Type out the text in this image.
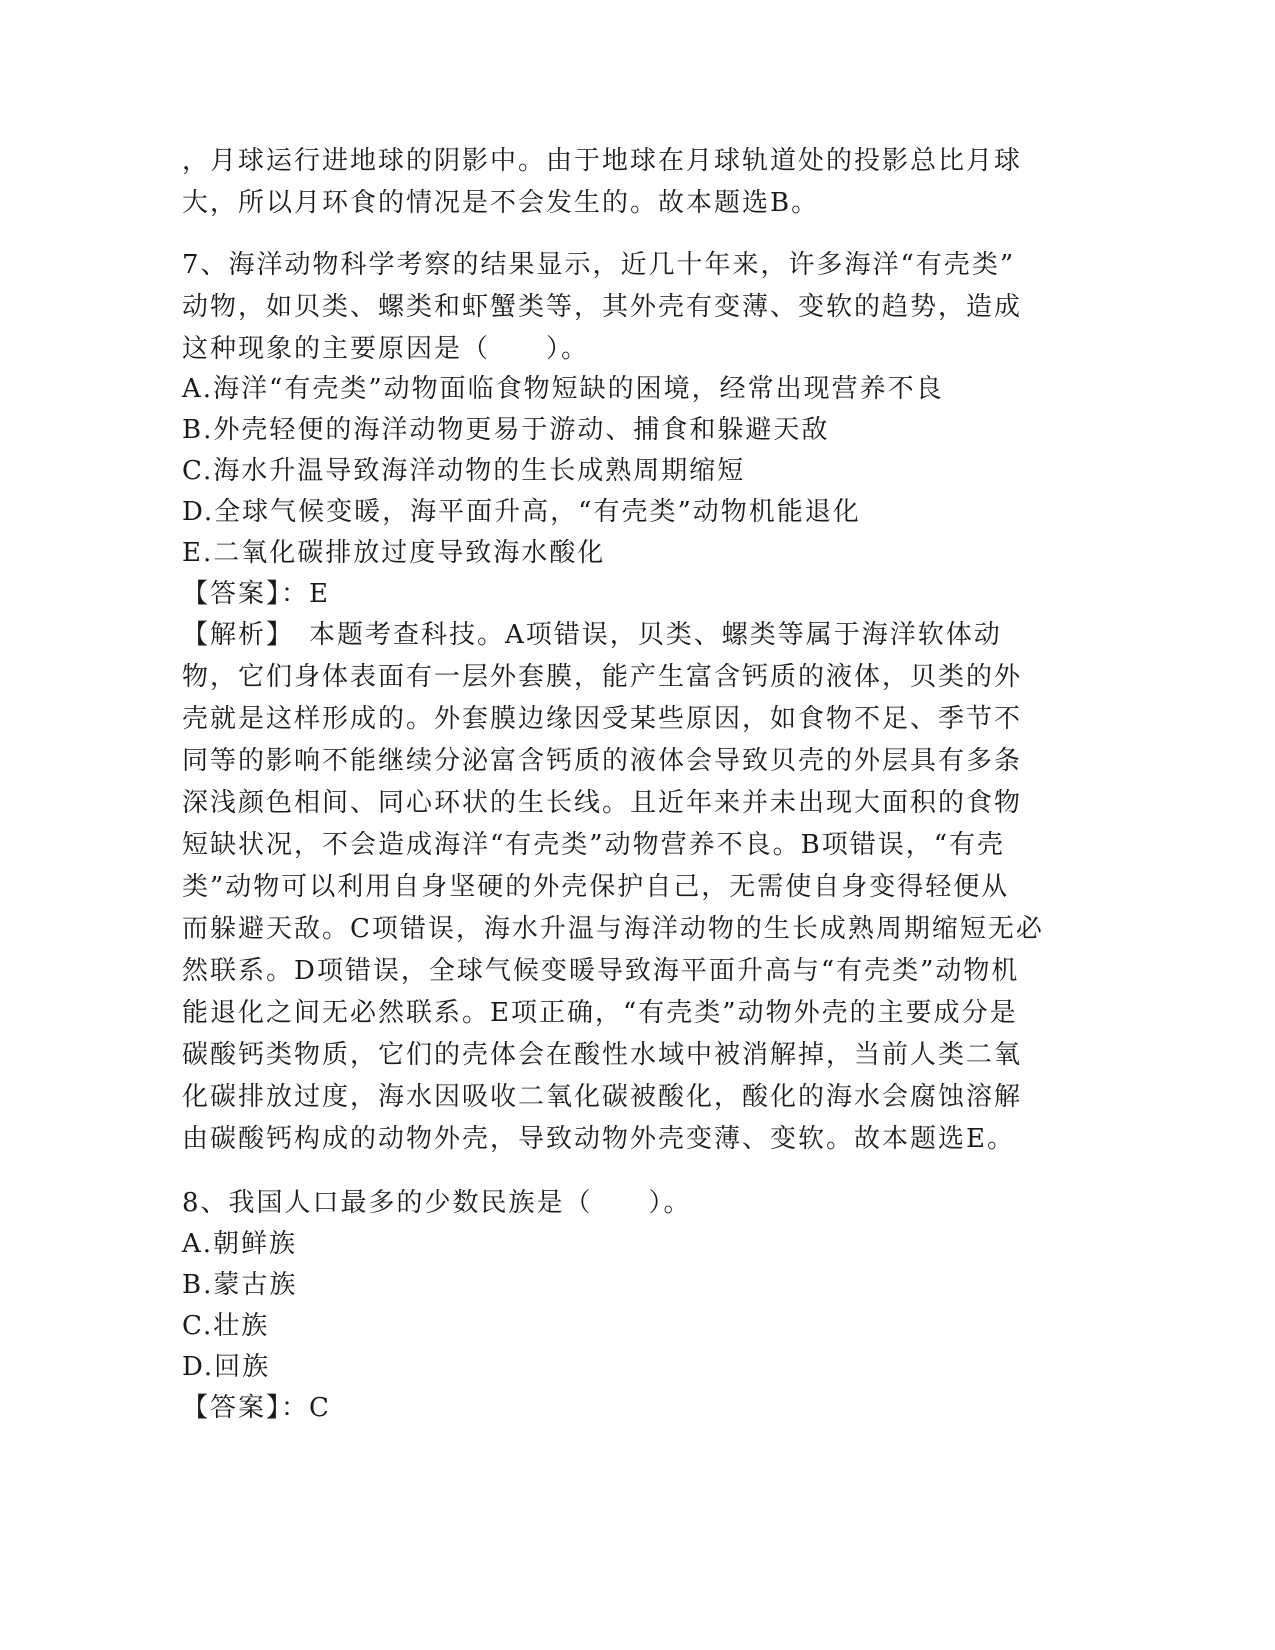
，月球运行进地球的阴影中。由于地球在月球轨道处的投影总比月球
大，所以月环食的情况是不会发生的。故本题选B。
7、海洋动物科学考察的结果显示，近几十年来，许多海洋“有壳类”
动物，如贝类、螺类和虾蟹类等，其外壳有变薄、变软的趋势，造成
这种现象的主要原因是（　　）。
A.海洋“有壳类”动物面临食物短缺的困境，经常出现营养不良
B.外壳轻便的海洋动物更易于游动、捕食和躲避天敌
C.海水升温导致海洋动物的生长成熟周期缩短
D.全球气候变暖，海平面升高，“有壳类”动物机能退化
E.二氧化碳排放过度导致海水酸化
【答案】：E
【解析】　本题考查科技。A项错误，贝类、螺类等属于海洋软体动
物，它们身体表面有一层外套膜，能产生富含钙质的液体，贝类的外
壳就是这样形成的。外套膜边缘因受某些原因，如食物不足、季节不
同等的影响不能继续分泌富含钙质的液体会导致贝壳的外层具有多条
深浅颜色相间、同心环状的生长线。且近年来并未出现大面积的食物
短缺状况，不会造成海洋“有壳类”动物营养不良。B项错误，“有壳
类”动物可以利用自身坚硬的外壳保护自己，无需使自身变得轻便从
而躲避天敌。C项错误，海水升温与海洋动物的生长成熟周期缩短无必
然联系。D项错误，全球气候变暖导致海平面升高与“有壳类”动物机
能退化之间无必然联系。E项正确，“有壳类”动物外壳的主要成分是
碳酸钙类物质，它们的壳体会在酸性水域中被消解掉，当前人类二氧
化碳排放过度，海水因吸收二氧化碳被酸化，酸化的海水会腐蚀溶解
由碳酸钙构成的动物外壳，导致动物外壳变薄、变软。故本题选E。
8、我国人口最多的少数民族是（　　）。
A.朝鲜族
B.蒙古族
C.壮族
D.回族
【答案】：C
